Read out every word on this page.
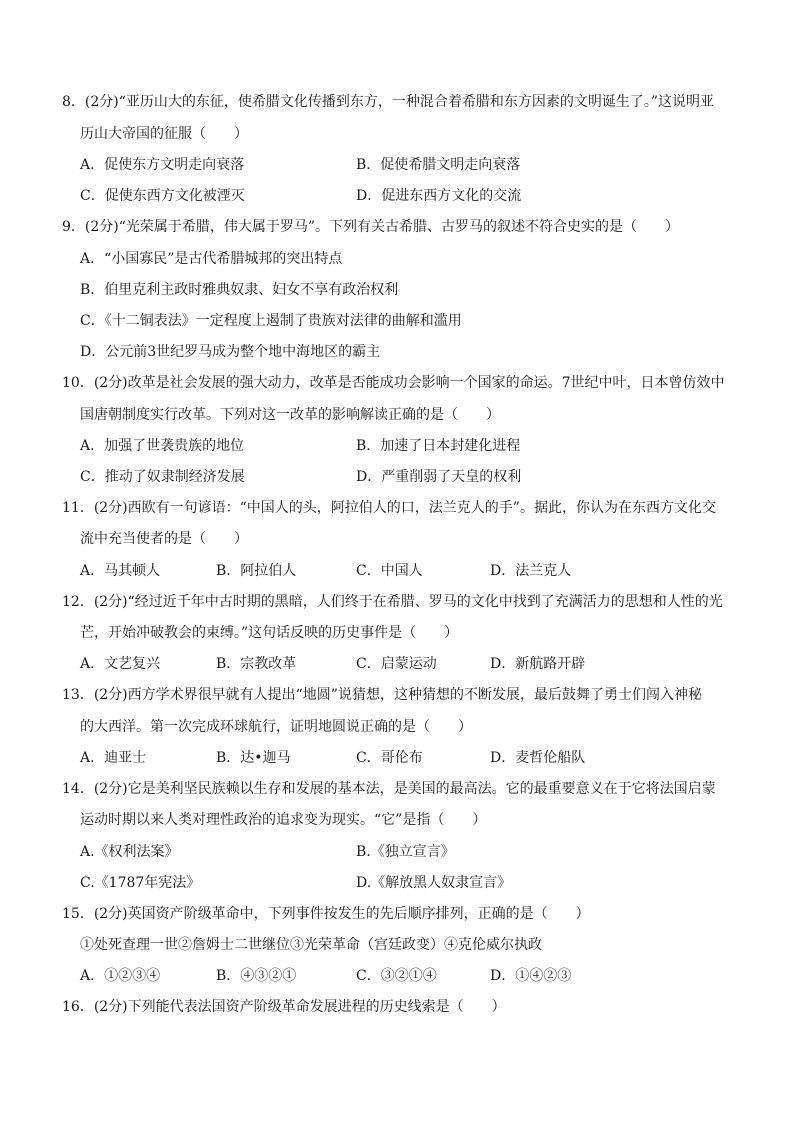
8．(2分)“亚历山大的东征，使希腊文化传播到东方，一种混合着希腊和东方因素的文明诞生了。”这说明亚
历山大帝国的征服（　　）
A．促使东方文明走向衰落	B．促使希腊文明走向衰落
C．促使东西方文化被湮灭	D．促进东西方文化的交流
9．(2分)“光荣属于希腊，伟大属于罗马”。下列有关古希腊、古罗马的叙述不符合史实的是（　　）
A．“小国寡民”是古代希腊城邦的突出特点
B．伯里克利主政时雅典奴隶、妇女不享有政治权利
C．《十二铜表法》一定程度上遏制了贵族对法律的曲解和滥用
D．公元前3世纪罗马成为整个地中海地区的霸主
10．(2分)改革是社会发展的强大动力，改革是否能成功会影响一个国家的命运。7世纪中叶，日本曾仿效中
国唐朝制度实行改革。下列对这一改革的影响解读正确的是（　　）
A．加强了世袭贵族的地位	B．加速了日本封建化进程
C．推动了奴隶制经济发展	D．严重削弱了天皇的权利
11．(2分)西欧有一句谚语：“中国人的头，阿拉伯人的口，法兰克人的手”。据此，你认为在东西方文化交
流中充当使者的是（　　）
A．马其顿人	B．阿拉伯人	C．中国人	D．法兰克人
12．(2分)“经过近千年中古时期的黑暗，人们终于在希腊、罗马的文化中找到了充满活力的思想和人性的光
芒，开始冲破教会的束缚。”这句话反映的历史事件是（　　）
A．文艺复兴	B．宗教改革	C．启蒙运动	D．新航路开辟
13．(2分)西方学术界很早就有人提出“地圆”说猜想，这种猜想的不断发展，最后鼓舞了勇士们闯入神秘
的大西洋。第一次完成环球航行，证明地圆说正确的是（　　）
A．迪亚士	B．达•迦马	C．哥伦布	D．麦哲伦船队
14．(2分)它是美利坚民族赖以生存和发展的基本法，是美国的最高法。它的最重要意义在于它将法国启蒙
运动时期以来人类对理性政治的追求变为现实。“它”是指（　　）
A.《权利法案》	B.《独立宣言》
C.《1787年宪法》	D.《解放黑人奴隶宣言》
15．(2分)英国资产阶级革命中，下列事件按发生的先后顺序排列，正确的是（　　）
①处死查理一世②詹姆士二世继位③光荣革命（宫廷政变）④克伦威尔执政
A．①②③④	B．④③②①	C．③②①④	D．①④②③
16．(2分)下列能代表法国资产阶级革命发展进程的历史线索是（　　）
